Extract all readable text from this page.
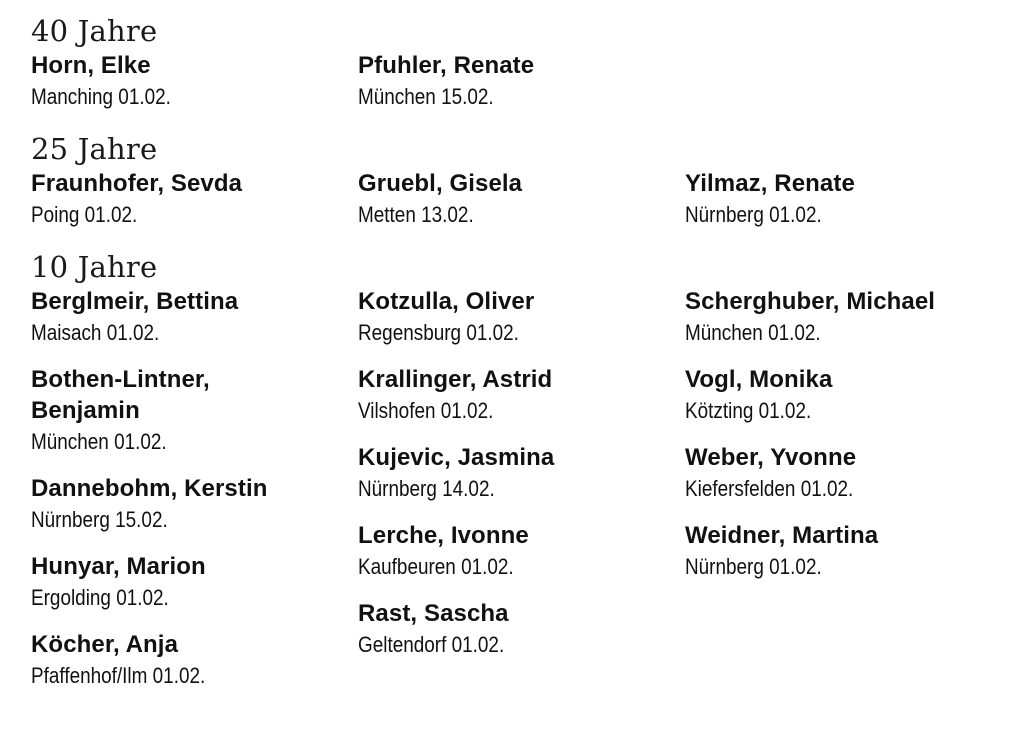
40 Jahre
Horn, Elke
Manching 01.02.
Pfuhler, Renate
München 15.02.
25 Jahre
Fraunhofer, Sevda
Poing 01.02.
Gruebl, Gisela
Metten 13.02.
Yilmaz, Renate
Nürnberg 01.02.
10 Jahre
Berglmeir, Bettina
Maisach 01.02.
Bothen-Lintner, Benjamin
München 01.02.
Dannebohm, Kerstin
Nürnberg 15.02.
Hunyar, Marion
Ergolding 01.02.
Köcher, Anja
Pfaffenhof/Ilm 01.02.
Kotzulla, Oliver
Regensburg 01.02.
Krallinger, Astrid
Vilshofen 01.02.
Kujevic, Jasmina
Nürnberg 14.02.
Lerche, Ivonne
Kaufbeuren 01.02.
Rast, Sascha
Geltendorf 01.02.
Scherghuber, Michael
München 01.02.
Vogl, Monika
Kötzting 01.02.
Weber, Yvonne
Kiefersfelden 01.02.
Weidner, Martina
Nürnberg 01.02.
